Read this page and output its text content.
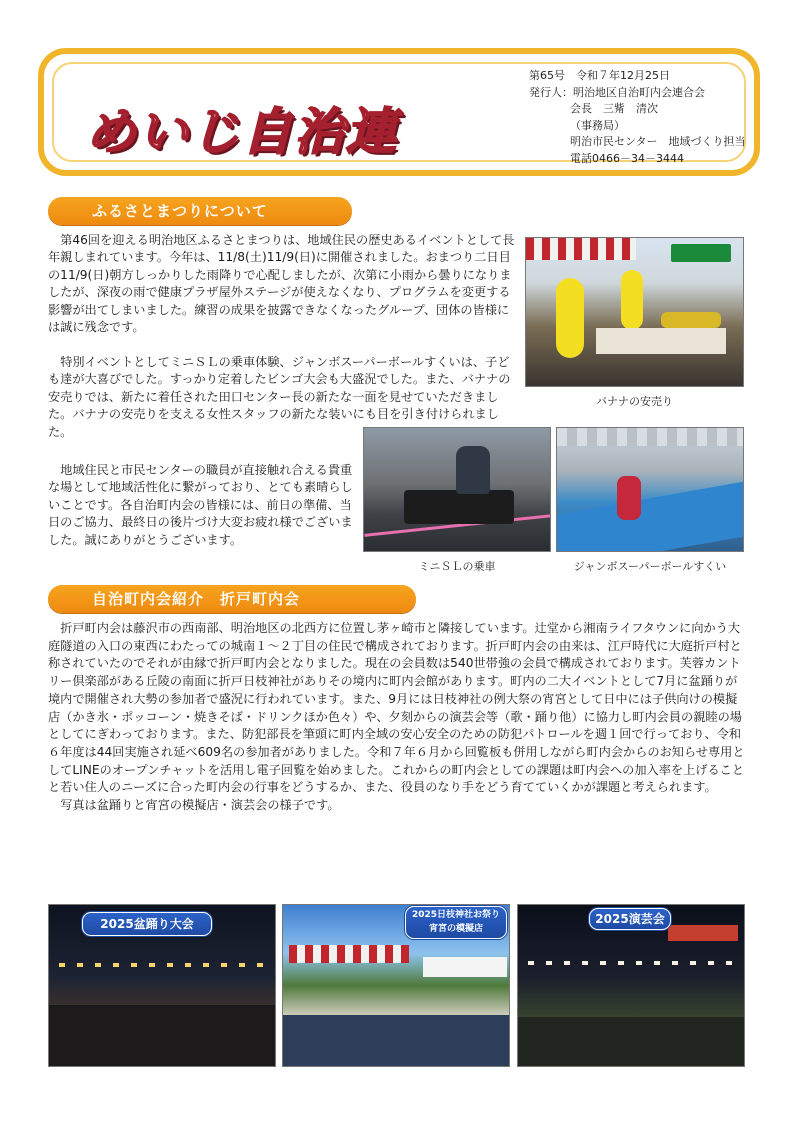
めいじ自治連
第65号　令和７年12月25日
発行人：明治地区自治町内会連合会
会長　三觜　清次
（事務局）
明治市民センター　地域づくり担当
電話0466－34－3444
ふるさとまつりについて

第46回を迎える明治地区ふるさとまつりは、地域住民の歴史あるイベントとして長年親しまれています。今年は、11/8(土)11/9(日)に開催されました。おまつり二日目の11/9(日)朝方しっかりした雨降りで心配しましたが、次第に小雨から曇りになりましたが、深夜の雨で健康プラザ屋外ステージが使えなくなり、プログラムを変更する影響が出てしまいました。練習の成果を披露できなくなったグループ、団体の皆様には誠に残念です。

特別イベントとしてミニＳＬの乗車体験、ジャンボスーパーボールすくいは、子ども達が大喜びでした。すっかり定着したビンゴ大会も大盛況でした。また、バナナの安売りでは、新たに着任された田口センター長の新たな一面を見せていただきました。バナナの安売りを支える女性スタッフの新たな装いにも目を引き付けられました。

地域住民と市民センターの職員が直接触れ合える貴重な場として地域活性化に繋がっており、とても素晴らしいことです。各自治町内会の皆様には、前日の準備、当日のご協力、最終日の後片づけ大変お疲れ様でございました。誠にありがとうございます。

バナナの安売り
ミニＳＬの乗車	ジャンボスーパーボールすくい
自治町内会紹介　折戸町内会

折戸町内会は藤沢市の西南部、明治地区の北西方に位置し茅ヶ崎市と隣接しています。辻堂から湘南ライフタウンに向かう大庭隧道の入口の東西にわたっての城南１～２丁目の住民で構成されております。折戸町内会の由来は、江戸時代に大庭折戸村と称されていたのでそれが由縁で折戸町内会となりました。現在の会員数は540世帯強の会員で構成されております。芙蓉カントリー倶楽部がある丘陵の南面に折戸日枝神社がありその境内に町内会館があります。町内の二大イベントとして7月に盆踊りが境内で開催され大勢の参加者で盛況に行われています。また、9月には日枝神社の例大祭の宵宮として日中には子供向けの模擬店（かき氷・ポッコーン・焼きそば・ドリンクほか色々）や、夕刻からの演芸会等（歌・踊り他）に協力し町内会員の親睦の場としてにぎわっております。また、防犯部長を筆頭に町内全域の安心安全のための防犯パトロールを週１回で行っており、令和６年度は44回実施され延べ609名の参加者がありました。令和７年６月から回覧板も併用しながら町内会からのお知らせ専用としてLINEのオープンチャットを活用し電子回覧を始めました。これからの町内会としての課題は町内会への加入率を上げることと若い住人のニーズに合った町内会の行事をどうするか、また、役員のなり手をどう育てていくかが課題と考えられます。

写真は盆踊りと宵宮の模擬店・演芸会の様子です。

2025盆踊り大会
2025日枝神社お祭り
宵宮の模擬店
2025演芸会
